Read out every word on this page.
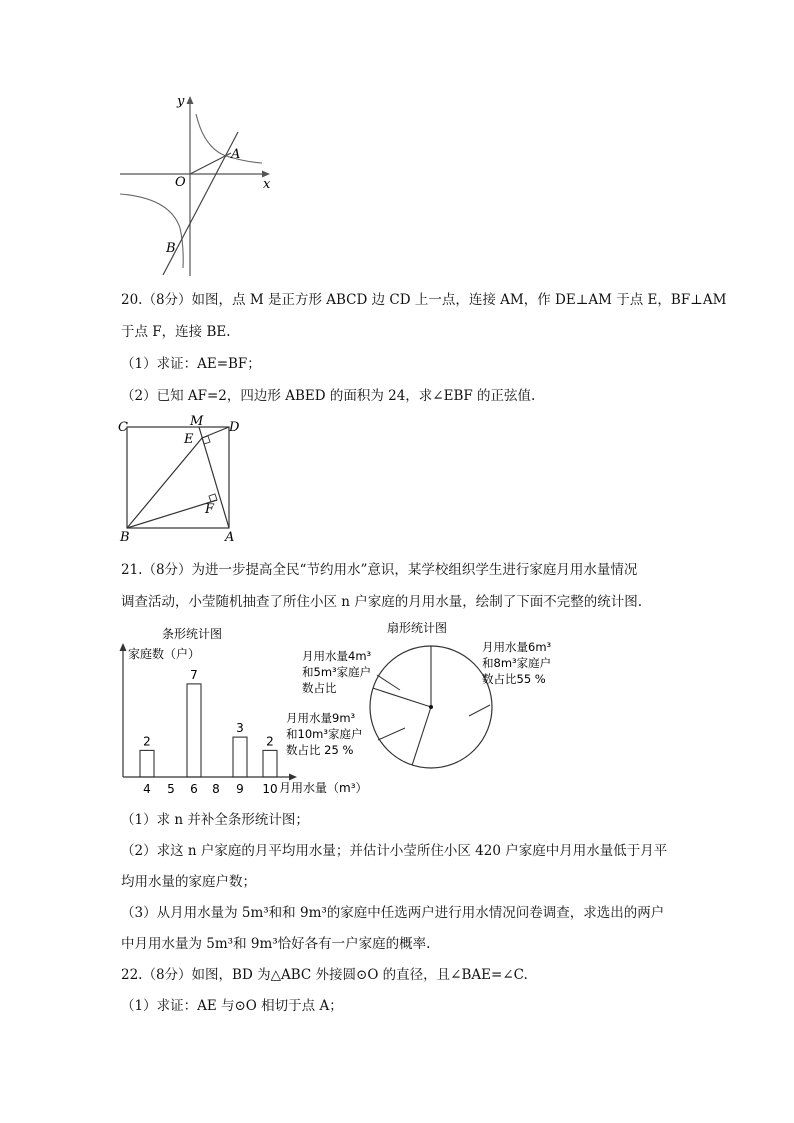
y
x
O
A
B
20.（8分）如图，点 M 是正方形 ABCD 边 CD 上一点，连接 AM，作 DE⊥AM 于点 E，BF⊥AM
于点 F，连接 BE.
（1）求证：AE=BF；
（2）已知 AF=2，四边形 ABED 的面积为 24，求∠EBF 的正弦值.
C	M D
E
F
B	A
21.（8分）为进一步提高全民“节约用水”意识，某学校组织学生进行家庭月用水量情况
调查活动，小莹随机抽查了所住小区 n 户家庭的月用水量，绘制了下面不完整的统计图.
条形统计图
家庭数（户）
月用水量（m³）
4
2
5 6
7
8 9
3
10
2
扇形统计图
月用水量6m³
和8m³家庭户
数占比55 %
月用水量9m³
和10m³家庭户
数占比 25 %
月用水量4m³
和5m³家庭户
数占比
（1）求 n 并补全条形统计图；
（2）求这 n 户家庭的月平均用水量；并估计小莹所住小区 420 户家庭中月用水量低于月平
均用水量的家庭户数；
（3）从月用水量为 5m³和和 9m³的家庭中任选两户进行用水情况问卷调查，求选出的两户
中月用水量为 5m³和 9m³恰好各有一户家庭的概率.
22.（8分）如图，BD 为△ABC 外接圆⊙O 的直径，且∠BAE=∠C.
（1）求证：AE 与⊙O 相切于点 A；
